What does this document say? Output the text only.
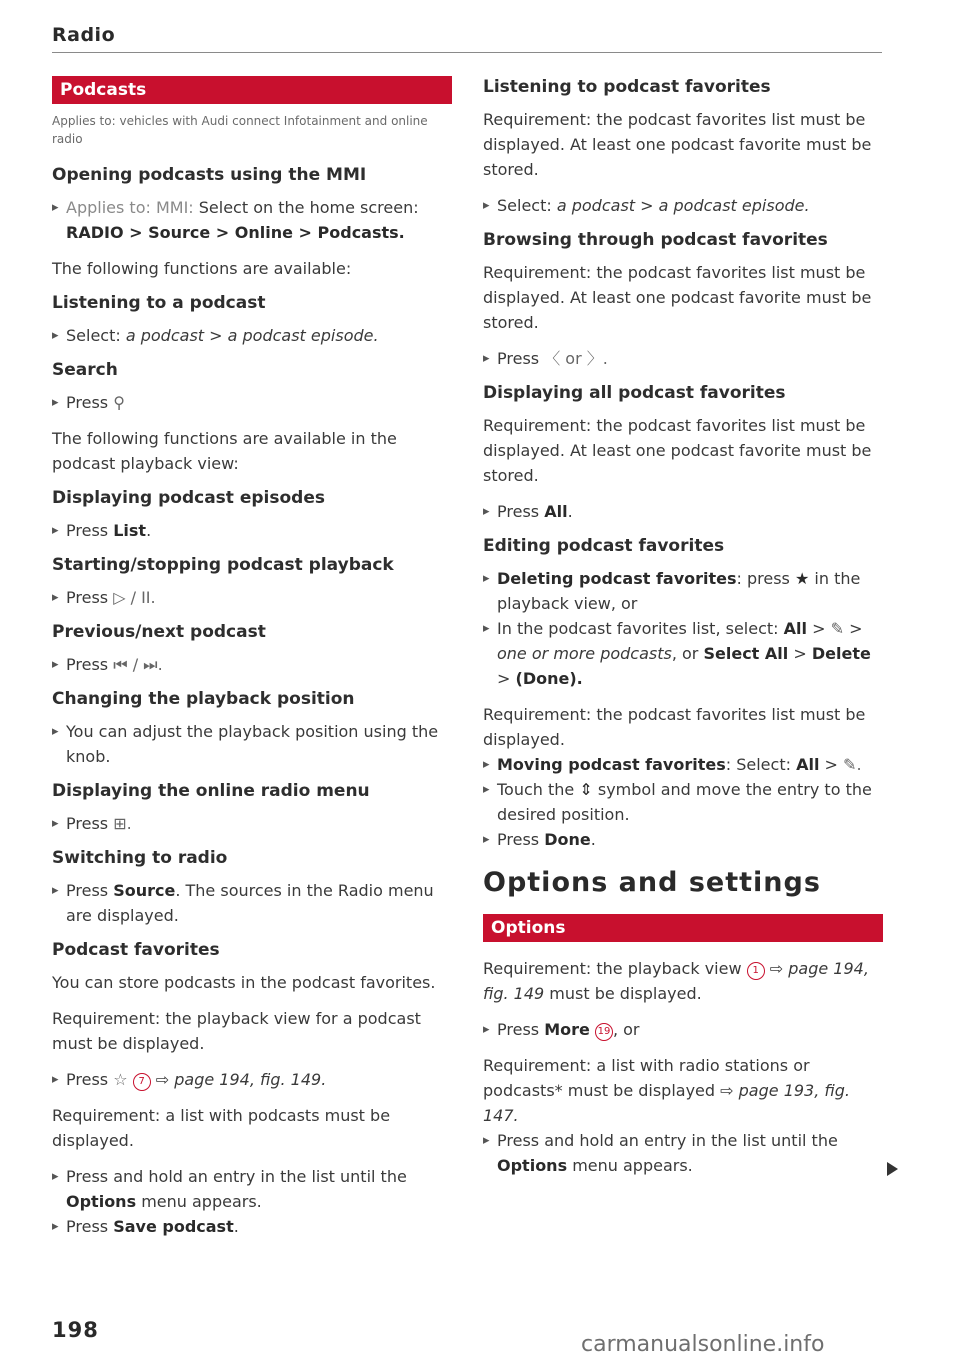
Radio
Podcasts
Applies to: vehicles with Audi connect Infotainment and online radio
Opening podcasts using the MMI
▸ Applies to: MMI: Select on the home screen:
RADIO > Source > Online > Podcasts.

The following functions are available:

Listening to a podcast
▸ Select: a podcast > a podcast episode.
Search
▸ Press ⚲

The following functions are available in the podcast playback view:

Displaying podcast episodes
▸ Press List.
Starting/stopping podcast playback
▸ Press ▷ / II.
Previous/next podcast
▸ Press ⏮ / ⏭.
Changing the playback position
▸ You can adjust the playback position using the knob.
Displaying the online radio menu
▸ Press ⊞.
Switching to radio
▸ Press Source. The sources in the Radio menu are displayed.
Podcast favorites

You can store podcasts in the podcast favorites.

Requirement: the playback view for a podcast must be displayed.

▸ Press ☆ 7 ⇨ page 194, fig. 149.

Requirement: a list with podcasts must be displayed.

▸ Press and hold an entry in the list until the Options menu appears.
▸ Press Save podcast.
Listening to podcast favorites

Requirement: the podcast favorites list must be displayed. At least one podcast favorite must be stored.

▸ Select: a podcast > a podcast episode.
Browsing through podcast favorites

Requirement: the podcast favorites list must be displayed. At least one podcast favorite must be stored.

▸ Press 〈 or 〉.
Displaying all podcast favorites

Requirement: the podcast favorites list must be displayed. At least one podcast favorite must be stored.

▸ Press All.
Editing podcast favorites
▸ Deleting podcast favorites: press ★ in the playback view, or
▸ In the podcast favorites list, select: All > ✎ > one or more podcasts, or Select All > Delete > (Done).

Requirement: the podcast favorites list must be displayed.

▸ Moving podcast favorites: Select: All > ✎.
▸ Touch the ⇕ symbol and move the entry to the desired position.
▸ Press Done.
Options and settings
Options

Requirement: the playback view 1 ⇨ page 194, fig. 149 must be displayed.

▸ Press More 19 , or

Requirement: a list with radio stations or podcasts* must be displayed ⇨ page 193, fig. 147.

▸ Press and hold an entry in the list until the Options menu appears.
198
carmanualsonline.info
